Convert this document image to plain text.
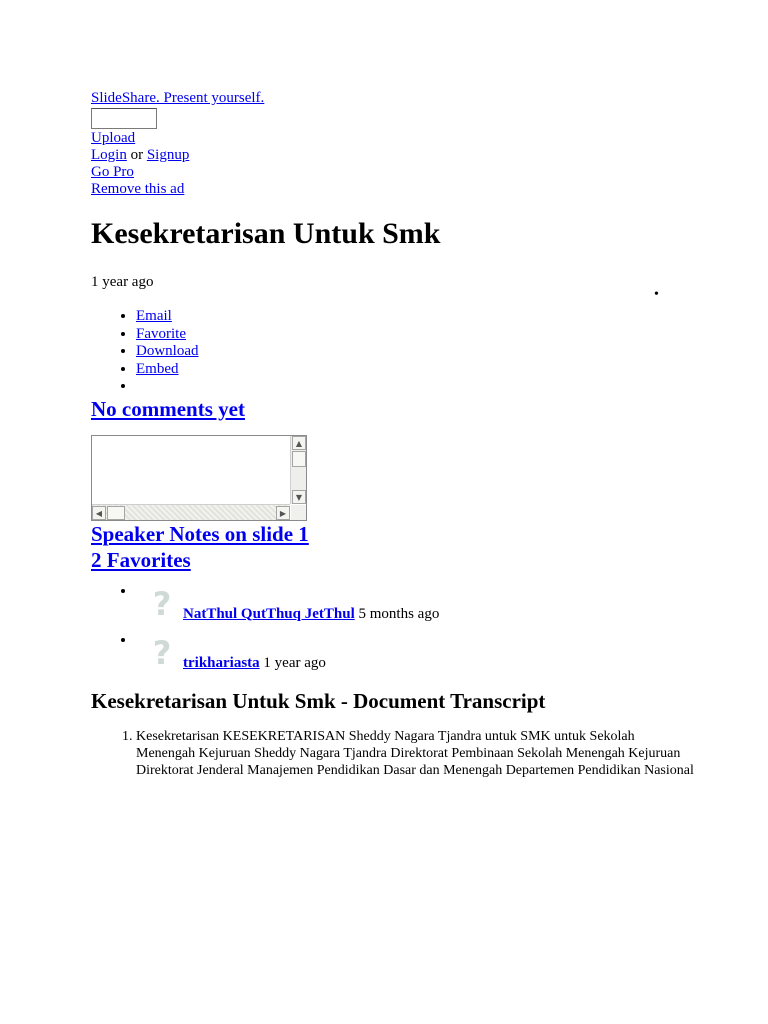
•
SlideShare. Present yourself.
Upload
Login or Signup
Go Pro
Remove this ad
Kesekretarisan Untuk Smk
1 year ago
• Email
• Favorite
• Download
• Embed
•
No comments yet
▲
▼
◀	▶
Speaker Notes on slide 1
2 Favorites
• ? NatThul QutThuq JetThul 5 months ago
• ? trikhariasta 1 year ago
Kesekretarisan Untuk Smk - Document Transcript
1. Kesekretarisan KESEKRETARISAN Sheddy Nagara Tjandra untuk SMK untuk Sekolah Menengah Kejuruan Sheddy Nagara Tjandra Direktorat Pembinaan Sekolah Menengah Kejuruan Direktorat Jenderal Manajemen Pendidikan Dasar dan Menengah Departemen Pendidikan Nasional
